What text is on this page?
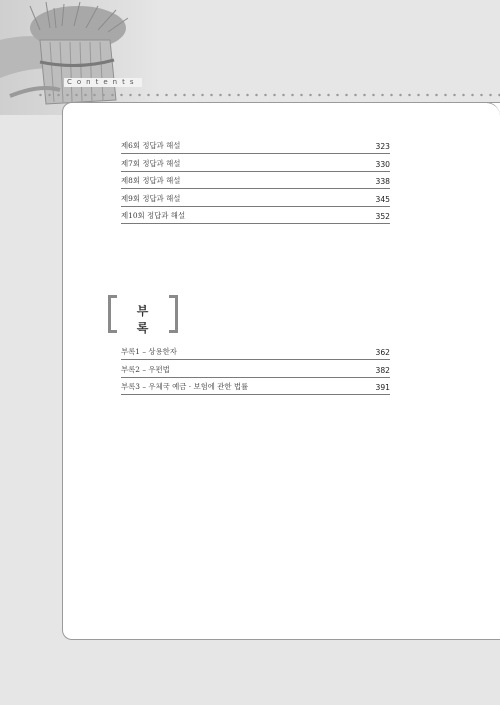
Contents
제6회 정답과 해설	323
제7회 정답과 해설	330
제8회 정답과 해설	338
제9회 정답과 해설	345
제10회 정답과 해설	352
부 록
부록1 – 상용한자	362
부록2 – 우편법	382
부록3 – 우체국 예금 · 보험에 관한 법률	391
